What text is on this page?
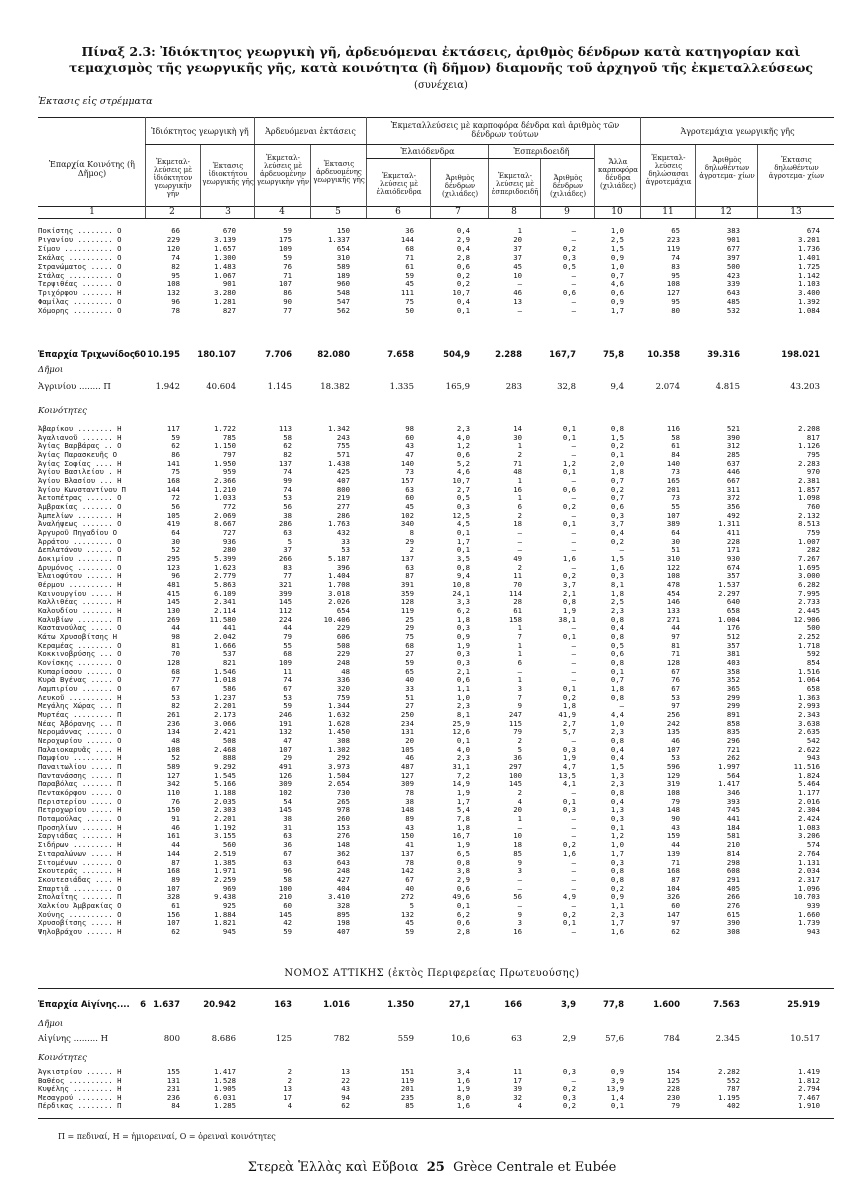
Πίναξ 2.3: Ἰδιόκτητος γεωργικὴ γῆ, ἀρδευόμεναι ἐκτάσεις, ἀριθμὸς δένδρων κατὰ κατηγορίαν καὶ τεμαχισμὸς τῆς γεωργικῆς γῆς, κατὰ κοινότητα (ἢ δῆμον) διαμονῆς τοῦ ἀρχηγοῦ τῆς ἐκμεταλλεύσεως (συνέχεια)
Ἐκτασις εἰς στρέμματα
Ἐπαρχία Κοινότης (ἢ Δῆμος)
Ἰδιόκτητος γεωργικὴ γῆ	Ἀρδευόμεναι ἐκτάσεις
Ἐκμεταλλεύσεις μὲ καρποφόρα δένδρα καὶ ἀριθμὸς τῶν δένδρων τούτων
Ἐλαιόδενδρα	Ἑσπεριδοειδῆ
Ἀγροτεμάχια γεωργικῆς γῆς
Ἐκμεταλ- λεύσεις μὲ ἰδιόκτητον γεωργικὴν γῆν
Ἐκτασις ἰδιοκτήτου γεωργικῆς γῆς
Ἐκμεταλ- λεύσεις μὲ ἀρδευομένην γεωργικὴν γῆν
Ἐκτασις ἀρδευομένης γεωργικῆς γῆς	Ἐκμεταλ- λεύσεις μὲ ἐλαιόδενδρα
Ἀριθμὸς δένδρων (χιλιάδες)
Ἐκμεταλ- λεύσεις μὲ ἑσπεριδοειδῆ
Ἀριθμὸς δένδρων (χιλιάδες)
Ἄλλα καρποφόρα δένδρα (χιλιάδες)
Ἐκμεταλ- λεύσεις δηλώσασαι ἀγροτεμάχια
Ἀριθμὸς δηλωθέντων ἀγροτεμα- χίων
Ἐκτασις δηλωθέντων ἀγροτεμα- χίων
1	2	3	4	5	6	7	8	9	10	11	12	13
Ποκίστης ........ Ο	66	670	59	150	36	0,4	1	—	1,0	65	383	674
Ριγανίου ........ Ο	229	3.139	175	1.337	144	2,9	20	—	2,5	223	901	3.201
Σίμου ........... Ο	120	1.657	109	654	68	0,4	37	0,2	1,5	119	677	1.736
Σκάλας .......... Ο	74	1.300	59	310	71	2,8	37	0,3	0,9	74	397	1.401
Στρανώματος ..... Ο	82	1.483	76	589	61	0,6	45	0,5	1,0	83	500	1.725
Στάλας .......... Ο	95	1.067	71	189	59	0,2	10	—	0,7	95	423	1.142
Τερψιθέας ....... Ο	108	901	107	960	45	0,2	—	—	4,6	108	339	1.103
Τριχόρφου ....... Η	132	3.280	86	548	111	10,7	46	0,6	0,6	127	643	3.400
Φαμίλας ......... Ο	96	1.281	90	547	75	0,4	13	—	0,9	95	485	1.392
Χόμορης ......... Ο	78	827	77	562	50	0,1	—	—	1,7	80	532	1.084
Ἐπαρχία Τριχωνίδος 60 10.195 180.107	7.706	82.080	7.658	504,9	2.288	167,7	75,8	10.358	39.316	198.021
Δῆμοι
Ἀγρινίου ........ Π	1.942	40.604	1.145	18.382	1.335	165,9	283	32,8	9,4	2.074	4.815	43.203
Κοινότητες
Ἀβαρίκου ........ Η	117	1.722	113	1.342	98	2,3	14	0,1	0,8	116	521	2.208
Ἀγαλιανοῦ ....... Η	59	785	58	243	60	4,0	30	0,1	1,5	58	390	817
Ἁγίας Βαρβάρας .. Ο	62	1.150	62	755	43	1,2	1	—	0,2	61	312	1.126
Ἁγίας Παρασκευῆς Ο	86	797	82	571	47	0,6	2	—	0,1	84	285	795
Ἁγίας Σοφίας .... Η	141	1.950	137	1.438	140	5,2	71	1,2	2,0	140	637	2.283
Ἁγίου Βασιλείου . Η	75	959	74	425	73	4,6	48	0,1	1,8	73	446	970
Ἁγίου Βλασίου ... Η	168	2.366	99	407	157	10,7	1	—	0,7	165	667	2.381
Ἁγίου Κωνσταντίνου Π	144	1.210	74	800	63	2,7	16	0,6	0,2	201	311	1.857
Ἀετοπέτρας ...... Ο	72	1.033	53	219	60	0,5	1	—	0,7	73	372	1.098
Ἀμβρακίας ....... Ο	56	772	56	277	45	0,3	6	0,2	0,6	55	356	760
Ἀμπελίων ........ Η	105	2.069	38	286	102	12,5	2	—	0,3	107	492	2.132
Ἀναλήψεως ....... Ο	419	8.667	286	1.763	340	4,5	18	0,1	3,7	389	1.311	8.513
Ἀργυροῦ Πηγαδίου Ο	64	727	63	432	8	0,1	—	—	0,4	64	411	759
Ἀρράτου ......... Ο	30	936	5	33	29	1,7	—	—	0,2	30	228	1.007
Δεπλατάνου ...... Ο	52	280	37	53	2	0,1	—	—	—	51	171	282
Δοκιμίου ........ Π	295	5.399	266	5.187	137	3,5	49	1,6	1,5	310	930	7.267
Δρυμόνος ........ Ο	123	1.623	83	396	63	0,8	2	—	1,6	122	674	1.695
Ἐλαιοφύτου ...... Η	96	2.779	77	1.404	87	9,4	11	0,2	0,3	108	357	3.000
Θέρμου .......... Η	481	5.863	321	1.708	391	10,8	70	3,7	8,1	478	1.537	6.282
Καινουργίου ..... Η	415	6.109	399	3.018	359	24,1	114	2,1	1,8	454	2.297	7.995
Καλλιθέας ....... Η	145	2.341	145	2.026	128	3,3	28	0,8	2,5	146	640	2.733
Καλουδίου ....... Η	130	2.114	112	654	119	6,2	61	1,9	2,3	133	658	2.445
Καλυβίων ........ Π	269	11.580	224	10.406	25	1,8	158	38,1	0,8	271	1.004	12.906
Καστανούλας ..... Ο	44	441	44	229	29	0,3	1	—	0,4	44	176	500
Κάτω Χρυσοβίτσης Η	98	2.042	79	606	75	0,9	7	0,1	0,8	97	512	2.252
Κεραμέας ........ Ο	81	1.666	55	508	68	1,9	1	—	0,5	81	357	1.718
Κοκκινοβρύσης ... Ο	70	537	68	229	27	0,3	1	—	0,6	71	381	592
Κονίσκης ........ Ο	128	821	109	248	59	0,3	6	—	0,8	128	403	854
Κυπαρίσσου ...... Ο	68	1.546	11	48	65	2,1	—	—	0,1	67	358	1.516
Κυρὰ Βγένας ..... Ο	77	1.018	74	336	40	0,6	1	—	0,7	76	352	1.064
Λαμπιρίου ....... Ο	67	586	67	320	33	1,1	3	0,1	1,8	67	365	658
Λευκοῦ .......... Η	53	1.237	53	759	51	1,0	7	0,2	0,8	53	299	1.363
Μεγάλης Χώρας ... Π	82	2.201	59	1.344	27	2,3	9	1,8	—	97	299	2.993
Μυρτέας ......... Π	261	2.173	246	1.632	250	8,1	247	41,9	4,4	256	891	2.343
Νέας Ἀβόρανης ... Π	236	3.066	191	1.628	234	25,9	115	2,7	1,0	242	858	3.638
Νερομάννας ...... Ο	134	2.421	132	1.450	131	12,6	79	5,7	2,3	135	835	2.635
Νεροχωρίου ...... Ο	48	508	47	308	20	0,1	2	—	0,8	46	296	542
Παλαιοκαρυᾶς .... Η	108	2.468	107	1.302	105	4,0	5	0,3	0,4	107	721	2.622
Παμφίου ......... Η	52	888	29	292	46	2,3	36	1,9	0,4	53	262	943
Παναιτωλίου ..... Π	589	9.292	491	3.973	487	31,1	297	4,7	1,5	596	1.997	11.516
Παντανάσσης ..... Π	127	1.545	126	1.504	127	7,2	100	13,5	1,3	129	564	1.824
Παραβόλας ....... Π	342	5.166	309	2.654	309	14,9	145	4,1	2,3	319	1.417	5.464
Πεντακόρφου ..... Ο	110	1.188	102	730	78	1,9	2	—	0,8	108	346	1.177
Περιστερίου ..... Ο	76	2.035	54	265	38	1,7	4	0,1	0,4	79	393	2.016
Πετροχωρίου ..... Η	150	2.303	145	978	148	5,4	20	0,3	1,3	148	745	2.304
Ποταμούλας ...... Ο	91	2.201	38	260	89	7,8	1	—	0,3	90	441	2.424
Προσηλίων ....... Η	46	1.192	31	153	43	1,8	—	—	0,1	43	184	1.083
Σαργιάδας ....... Η	161	3.155	63	276	150	16,7	10	—	1,2	159	581	3.206
Σιδήρων ......... Η	44	560	36	148	41	1,9	18	0,2	1,0	44	210	574
Σιταραλώνων ..... Η	144	2.519	67	362	137	6,5	85	1,6	1,7	139	814	2.764
Σιτομένων ....... Ο	87	1.385	63	643	78	0,8	9	—	0,3	71	298	1.131
Σκουτεράς ....... Η	168	1.971	96	248	142	3,8	3	—	0,8	168	608	2.034
Σκουτεσιάδας .... Η	89	2.259	58	427	67	2,9	—	—	0,8	87	291	2.317
Σπαρτιᾶ ......... Ο	107	969	100	404	40	0,6	—	—	0,2	104	405	1.096
Σπολαΐτης ....... Π	328	9.438	210	3.410	272	49,6	56	4,9	0,9	326	266	10.703
Χαλκίου Ἀμβρακίας Ο	61	925	60	328	5	0,1	—	—	1,1	60	276	939
Χούνης .......... Ο	156	1.884	145	895	132	6,2	9	0,2	2,3	147	615	1.660
Χρυσοβίτσης ..... Η	107	1.821	42	198	45	0,6	3	0,1	1,7	97	390	1.739
Ψηλοβράχου ...... Η	62	945	59	407	59	2,8	16	—	1,6	62	308	943
ΝΟΜΟΣ ΑΤΤΙΚΗΣ (ἐκτὸς Περιφερείας Πρωτευούσης)
Ἐπαρχία Αἰγίνης.... 6 1.637	20.942	163	1.016	1.350	27,1	166	3,9	77,8	1.600	7.563	25.919
Δῆμοι
Αἰγίνης ......... Η	800	8.686	125	782	559	10,6	63	2,9	57,6	784	2.345	10.517
Κοινότητες
Ἀγκιστρίου ...... Η	155	1.417	2	13	151	3,4	11	0,3	0,9	154	2.282	1.419
Βαθέος .......... Η	131	1.528	2	22	119	1,6	17	—	3,9	125	552	1.812
Κυψέλης ......... Η	231	1.905	13	43	201	1,9	39	0,2	13,9	228	787	2.794
Μεσαγρού ........ Η	236	6.031	17	94	235	8,0	32	0,3	1,4	230	1.195	7.467
Πέρδικας ........ Π	84	1.285	4	62	85	1,6	4	0,2	0,1	79	402	1.910
Π = πεδιναί, Η = ἡμιορειναί, Ο = ὀρειναὶ κοινότητες
Στερεὰ Ἑλλὰς καὶ Εὔβοια 25 Grèce Centrale et Eubée
